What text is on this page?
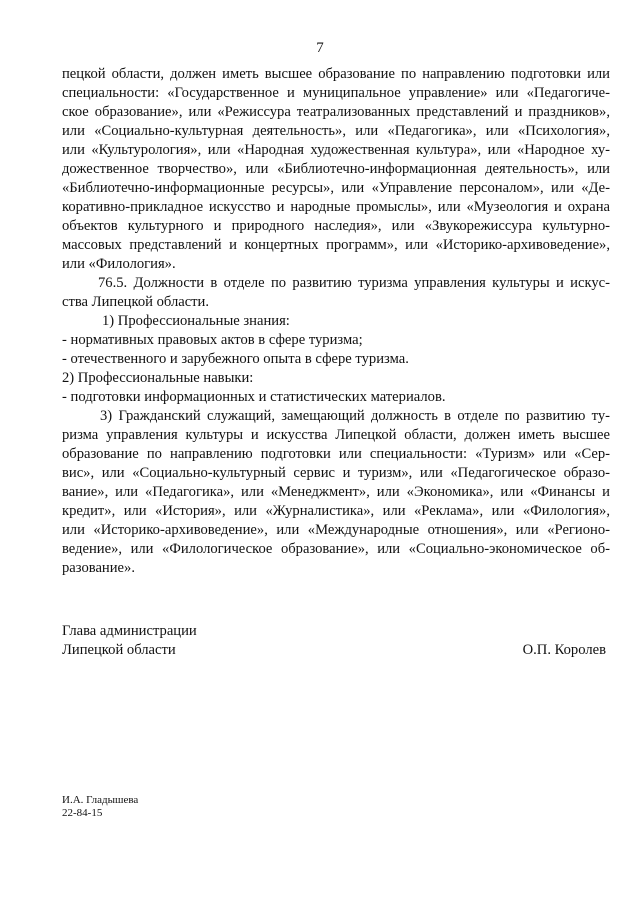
7
пецкой области, должен иметь высшее образование по направлению подготовки или
специальности: «Государственное и муниципальное управление» или «Педагогиче-
ское образование», или «Режиссура театрализованных представлений и праздников»,
или «Социально-культурная деятельность», или «Педагогика», или «Психология»,
или «Культурология», или «Народная художественная культура», или «Народное ху-
дожественное творчество», или «Библиотечно-информационная деятельность», или
«Библиотечно-информационные ресурсы», или «Управление персоналом», или «Де-
коративно-прикладное искусство и народные промыслы», или «Музеология и охрана
объектов культурного и природного наследия», или «Звукорежиссура культурно-
массовых представлений и концертных программ», или «Историко-архивоведение»,
или «Филология».
76.5. Должности в отделе по развитию туризма управления культуры и искус-
ства Липецкой области.
1) Профессиональные знания:
- нормативных правовых актов в сфере туризма;
- отечественного и зарубежного опыта в сфере туризма.
2) Профессиональные навыки:
- подготовки информационных и статистических материалов.
3) Гражданский служащий, замещающий должность в отделе по развитию ту-
ризма управления культуры и искусства Липецкой области, должен иметь высшее
образование по направлению подготовки или специальности: «Туризм» или «Сер-
вис», или «Социально-культурный сервис и туризм», или «Педагогическое образо-
вание», или «Педагогика», или «Менеджмент», или «Экономика», или «Финансы и
кредит», или «История», или «Журналистика», или «Реклама», или «Филология»,
или «Историко-архивоведение», или «Международные отношения», или «Регионо-
ведение», или «Филологическое образование», или «Социально-экономическое об-
разование».
Глава администрации
Липецкой области	О.П. Королев
И.А. Гладышева
22-84-15
